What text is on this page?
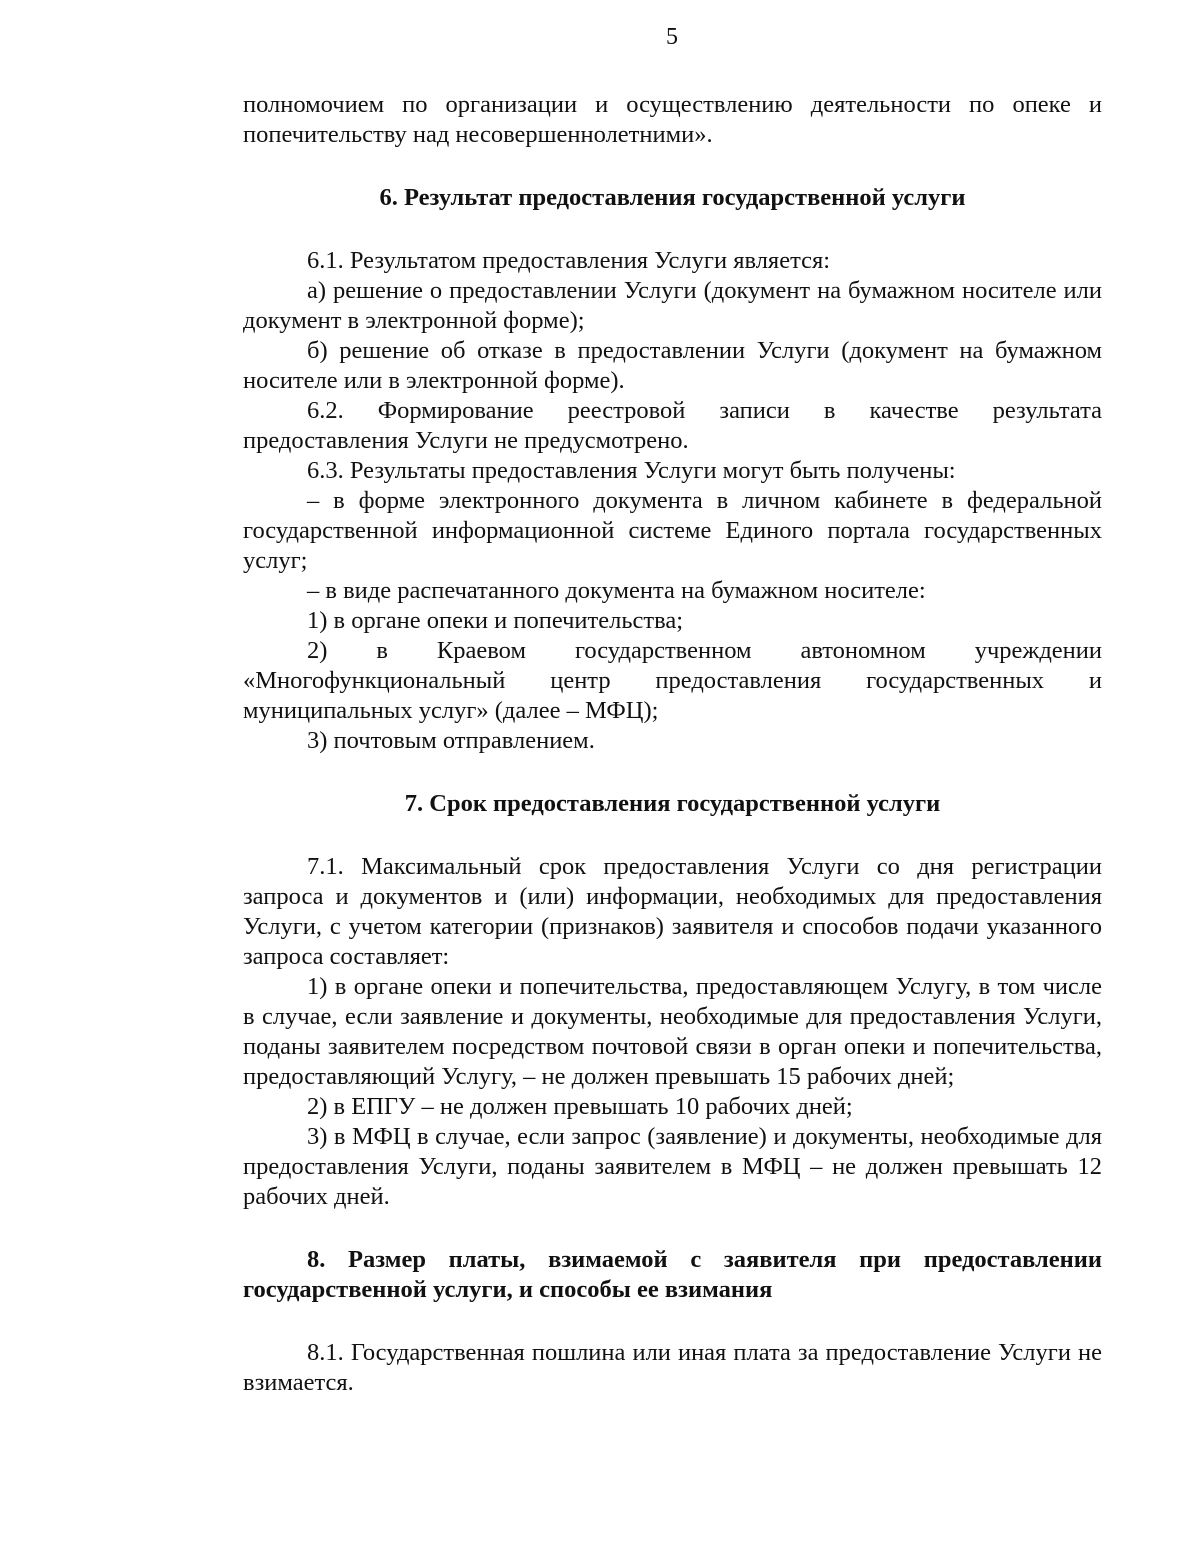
5

полномочием по организации и осуществлению деятельности по опеке и попечительству над несовершеннолетними».

6. Результат предоставления государственной услуги

6.1. Результатом предоставления Услуги является:

а) решение о предоставлении Услуги (документ на бумажном носителе или документ в электронной форме);

б) решение об отказе в предоставлении Услуги (документ на бумажном носителе или в электронной форме).

6.2. Формирование реестровой записи в качестве результата предоставления Услуги не предусмотрено.

6.3. Результаты предоставления Услуги могут быть получены:

– в форме электронного документа в личном кабинете в федеральной государственной информационной системе Единого портала государственных услуг;

– в виде распечатанного документа на бумажном носителе:

1) в органе опеки и попечительства;

2) в Краевом государственном автономном учреждении «Многофункциональный центр предоставления государственных и муниципальных услуг» (далее – МФЦ);

3) почтовым отправлением.

7. Срок предоставления государственной услуги

7.1. Максимальный срок предоставления Услуги со дня регистрации запроса и документов и (или) информации, необходимых для предоставления Услуги, с учетом категории (признаков) заявителя и способов подачи указанного запроса составляет:

1) в органе опеки и попечительства, предоставляющем Услугу, в том числе в случае, если заявление и документы, необходимые для предоставления Услуги, поданы заявителем посредством почтовой связи в орган опеки и попечительства, предоставляющий Услугу, – не должен превышать 15 рабочих дней;

2) в ЕПГУ – не должен превышать 10 рабочих дней;

3) в МФЦ в случае, если запрос (заявление) и документы, необходимые для предоставления Услуги, поданы заявителем в МФЦ – не должен превышать 12 рабочих дней.

8. Размер платы, взимаемой с заявителя при предоставлении государственной услуги, и способы ее взимания

8.1. Государственная пошлина или иная плата за предоставление Услуги не взимается.
